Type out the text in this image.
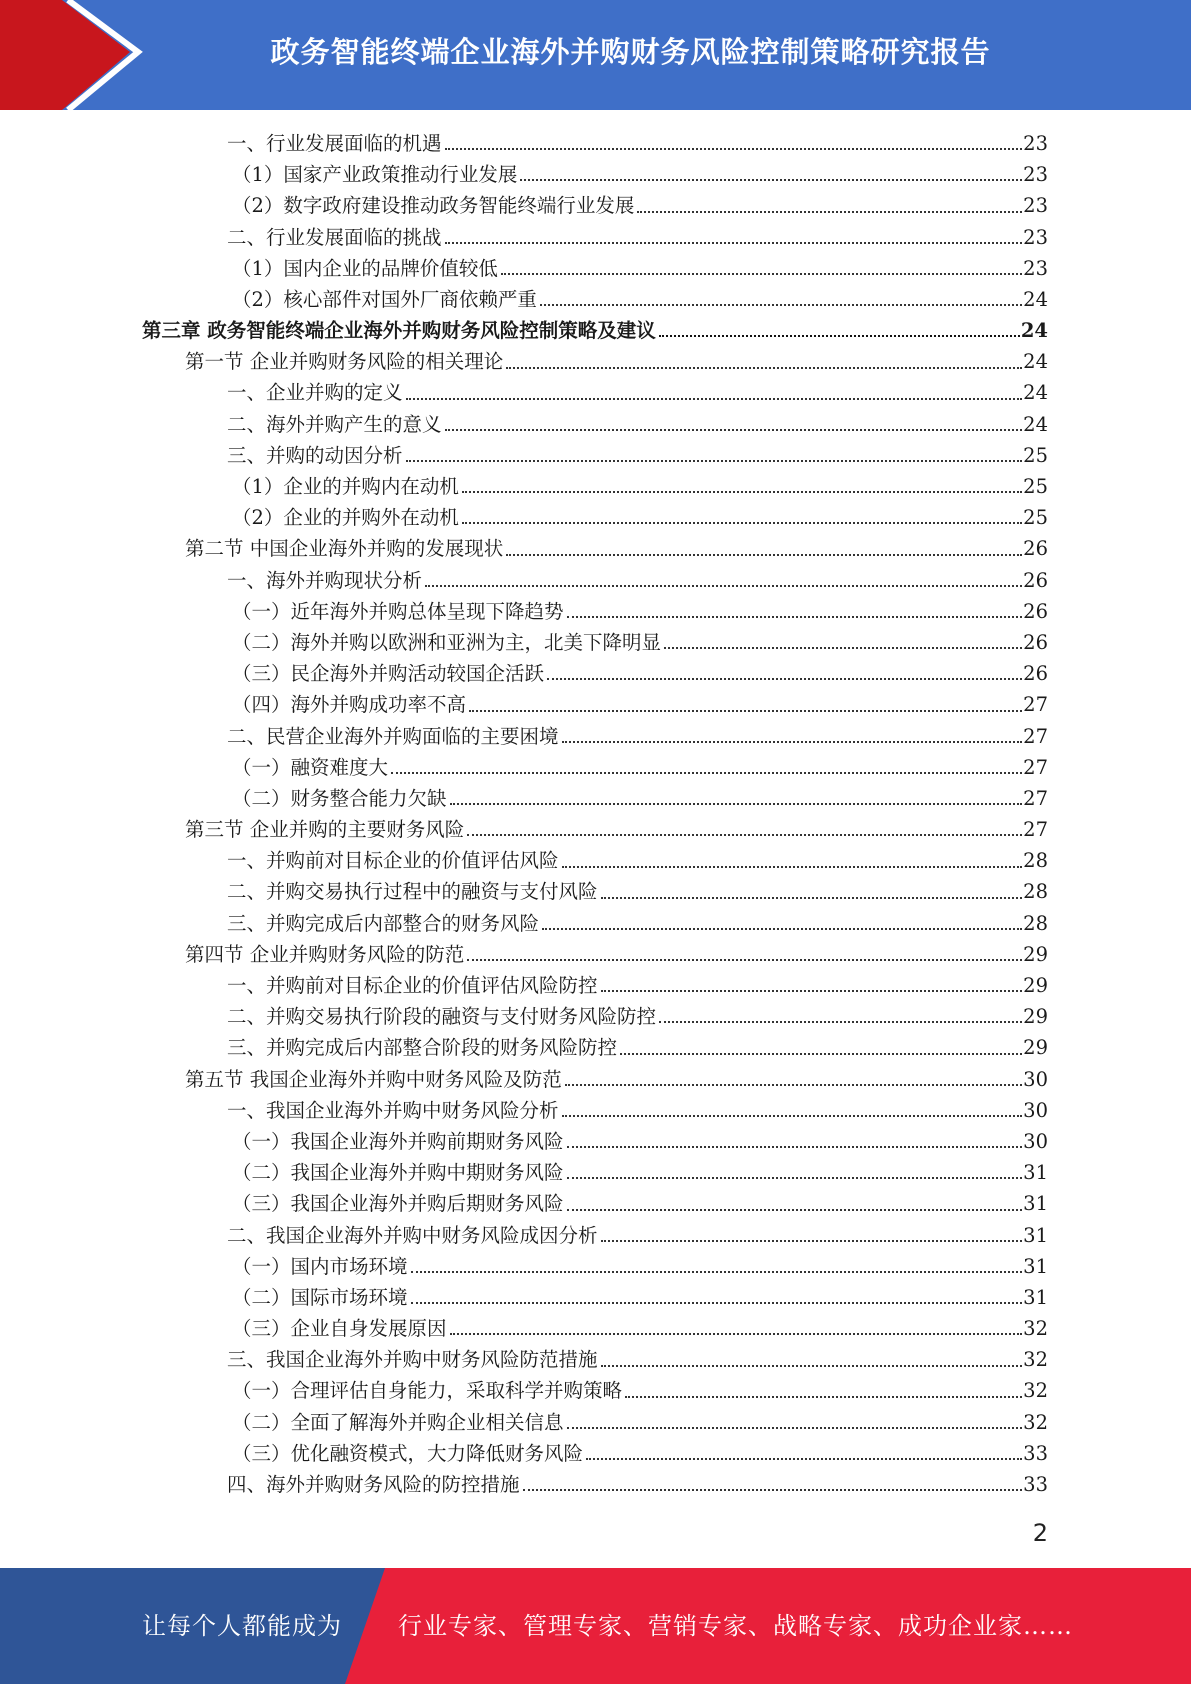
政务智能终端企业海外并购财务风险控制策略研究报告
一、行业发展面临的机遇	23
（1）国家产业政策推动行业发展	23
（2）数字政府建设推动政务智能终端行业发展	23
二、行业发展面临的挑战	23
（1）国内企业的品牌价值较低	23
（2）核心部件对国外厂商依赖严重	24
第三章 政务智能终端企业海外并购财务风险控制策略及建议	24
第一节 企业并购财务风险的相关理论	24
一、企业并购的定义	24
二、海外并购产生的意义	24
三、并购的动因分析	25
（1）企业的并购内在动机	25
（2）企业的并购外在动机	25
第二节 中国企业海外并购的发展现状	26
一、海外并购现状分析	26
（一）近年海外并购总体呈现下降趋势	26
（二）海外并购以欧洲和亚洲为主，北美下降明显	26
（三）民企海外并购活动较国企活跃	26
（四）海外并购成功率不高	27
二、民营企业海外并购面临的主要困境	27
（一）融资难度大	27
（二）财务整合能力欠缺	27
第三节 企业并购的主要财务风险	27
一、并购前对目标企业的价值评估风险	28
二、并购交易执行过程中的融资与支付风险	28
三、并购完成后内部整合的财务风险	28
第四节 企业并购财务风险的防范	29
一、并购前对目标企业的价值评估风险防控	29
二、并购交易执行阶段的融资与支付财务风险防控	29
三、并购完成后内部整合阶段的财务风险防控	29
第五节 我国企业海外并购中财务风险及防范	30
一、我国企业海外并购中财务风险分析	30
（一）我国企业海外并购前期财务风险	30
（二）我国企业海外并购中期财务风险	31
（三）我国企业海外并购后期财务风险	31
二、我国企业海外并购中财务风险成因分析	31
（一）国内市场环境	31
（二）国际市场环境	31
（三）企业自身发展原因	32
三、我国企业海外并购中财务风险防范措施	32
（一）合理评估自身能力，采取科学并购策略	32
（二）全面了解海外并购企业相关信息	32
（三）优化融资模式，大力降低财务风险	33
四、海外并购财务风险的防控措施	33
2
让每个人都能成为 行业专家、管理专家、营销专家、战略专家、成功企业家……
